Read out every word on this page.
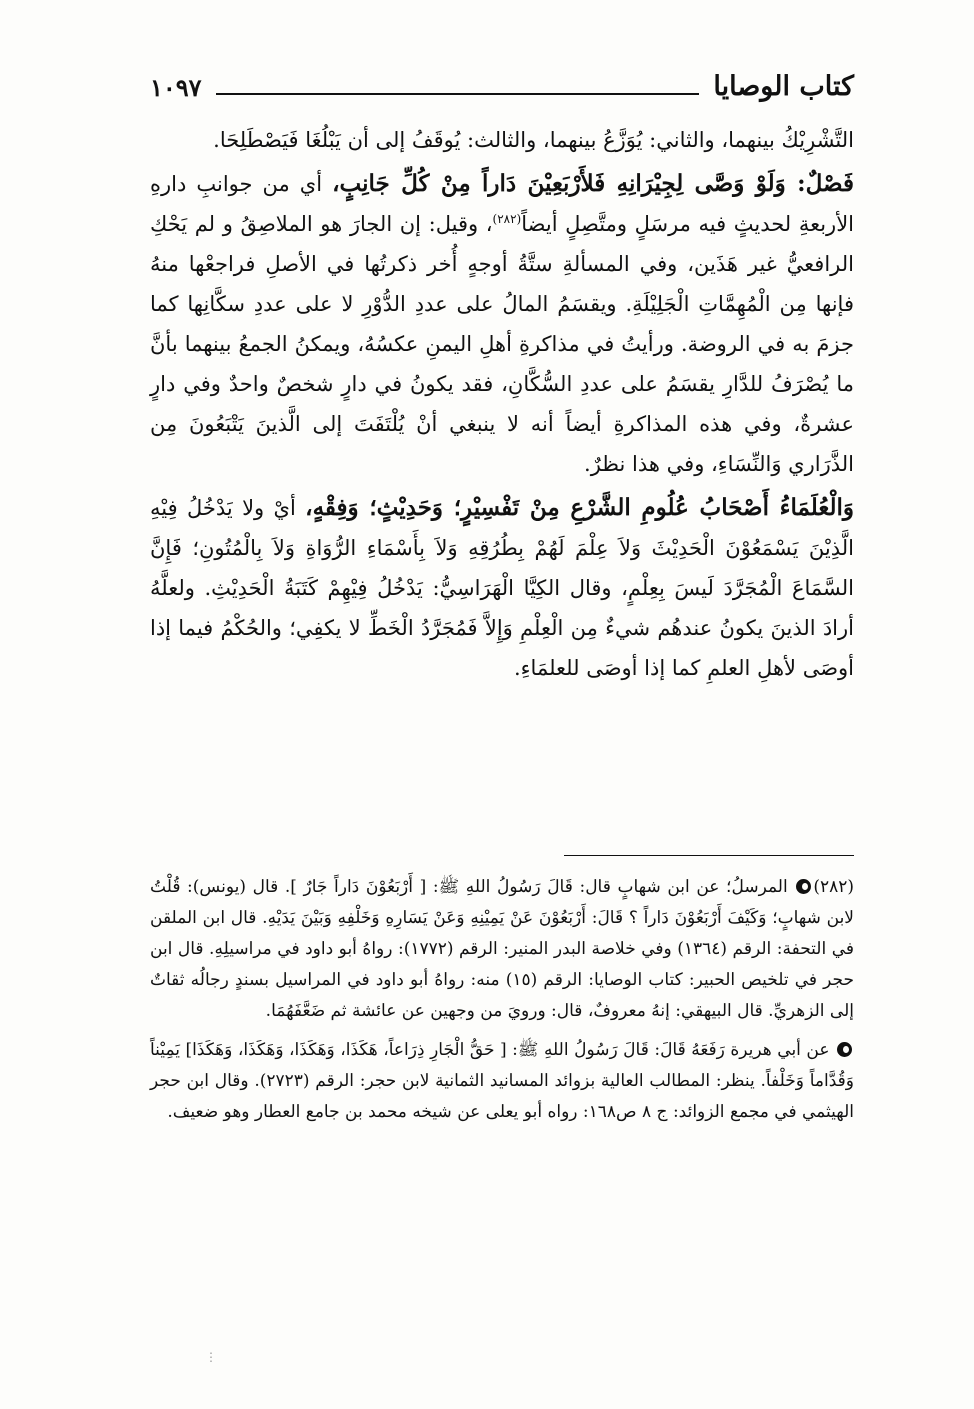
كتاب الوصايا
١٠٩٧

التَّشْرِيْكُ بينهما، والثاني: يُوَزَّعُ بينهما، والثالث: يُوقَفُ إلى أن يَبْلُغَا فَيَصْطَلِحَا.

فَصْلٌ: وَلَوْ وَصَّى لِجِيْرَانِهِ فَلأَرْبَعِيْنَ دَاراً مِنْ كُلِّ جَانِبٍ، أي من جوانبِ دارهِ الأربعةِ لحديثٍ فيه مرسَلٍ ومتَّصِلٍ أيضاً$^{(٢٨٢)}$، وقيل: إن الجارَ هو الملاصِقُ و لم يَحْكِ الرافعيُّ غير هَذَين، وفي المسألةِ ستَّةُ أوجهٍ أُخر ذكرتُها في الأصلِ فراجعْها منهُ فإنها مِن الْمُهِمَّاتِ الْجَلِيْلَةِ. ويقسَمُ المالُ على عددِ الدُّوْرِ لا على عددِ سكَّانِها كما جزمَ به في الروضة. ورأيتُ في مذاكرةِ أهلِ اليمنِ عكسُهُ، ويمكنُ الجمعُ بينهما بأنَّ ما يُصْرَفُ للدَّارِ يقسَمُ على عددِ السُّكَّانِ، فقد يكونُ في دارٍ شخصٌ واحدٌ وفي دارٍ عشرةٌ، وفي هذه المذاكرةِ أيضاً أنه لا ينبغي أنْ يُلْتَفَتَ إلى الَّذينَ يَتْبَعُونَ مِن الذَّرَاري وَالنِّسَاءِ، وفي هذا نظرٌ.

وَالْعُلَمَاءُ أَصْحَابُ عُلُومِ الشَّرْعِ مِنْ تَفْسِيْرٍ؛ وَحَدِيْثٍ؛ وَفِقْهٍ، أيْ ولا يَدْخُلُ فِيْهِ الَّذِيْنَ يَسْمَعُوْنَ الْحَدِيْثَ وَلاَ عِلْمَ لَهُمْ بِطُرُقِهِ وَلاَ بِأَسْمَاءِ الرُّوَاةِ وَلاَ بِالْمُتُونِ؛ فَإِنَّ السَّمَاعَ الْمُجَرَّدَ لَيسَ بِعِلْمٍ، وقال الكِيَّا الْهَرَاسِيُّ: يَدْخُلُ فِيْهِمْ كَتَبَةُ الْحَدِيْثِ. ولعلَّهُ أرادَ الذينَ يكونُ عندهُم شيءٌ مِن الْعِلْمِ وَإِلاَّ فَمُجَرَّدُ الْخَطِّ لا يكفِي؛ والحُكْمُ فيما إذا أوصَى لأهلِ العلمِ كما إذا أوصَى للعلمَاءِ.

(٢٨٢) المرسلُ؛ عن ابن شهابٍ قال: قَالَ رَسُولُ اللهِ ﷺ: [ أَرْبَعُوْنَ دَاراً جَارٌ ]. قال (يونس): قُلْتُ لابن شهابٍ؛ وَكَيْفَ أَرْبَعُوْنَ دَاراً ؟ قَالَ: أَرْبَعُوْنَ عَنْ يَمِيْنِهِ وَعَنْ يَسَارِهِ وَخَلْفِهِ وَبَيْنَ يَدَيْهِ. قال ابن الملقن في التحفة: الرقم (١٣٦٤) وفي خلاصة البدر المنير: الرقم (١٧٧٢): رواهُ أبو داود في مراسيلِهِ. قال ابن حجر في تلخيص الحبير: كتاب الوصايا: الرقم (١٥) منه: رواهُ أبو داود في المراسيل بسندٍ رجالُه ثقاتٌ إلى الزهريِّ. قال البيهقي: إنهُ معروفٌ، قال: ورويَ من وجهين عن عائشة ثم ضَعَّفَهُمَا.

عن أبي هريرة رَفَعَهُ قَالَ: قَالَ رَسُولُ اللهِ ﷺ: [ حَقُّ الْجَارِ ذِرَاعاً، هَكَذَا، وَهَكَذَا، وَهَكَذَا، وَهَكَذَا] يَمِيْناً وَقُدَّاماً وَخَلْفاً. ينظر: المطالب العالية بزوائد المسانيد الثمانية لابن حجر: الرقم (٢٧٢٣). وقال ابن حجر الهيثمي في مجمع الزوائد: ج ٨ ص١٦٨: رواه أبو يعلى عن شيخه محمد بن جامع العطار وهو ضعيف.

⋮
